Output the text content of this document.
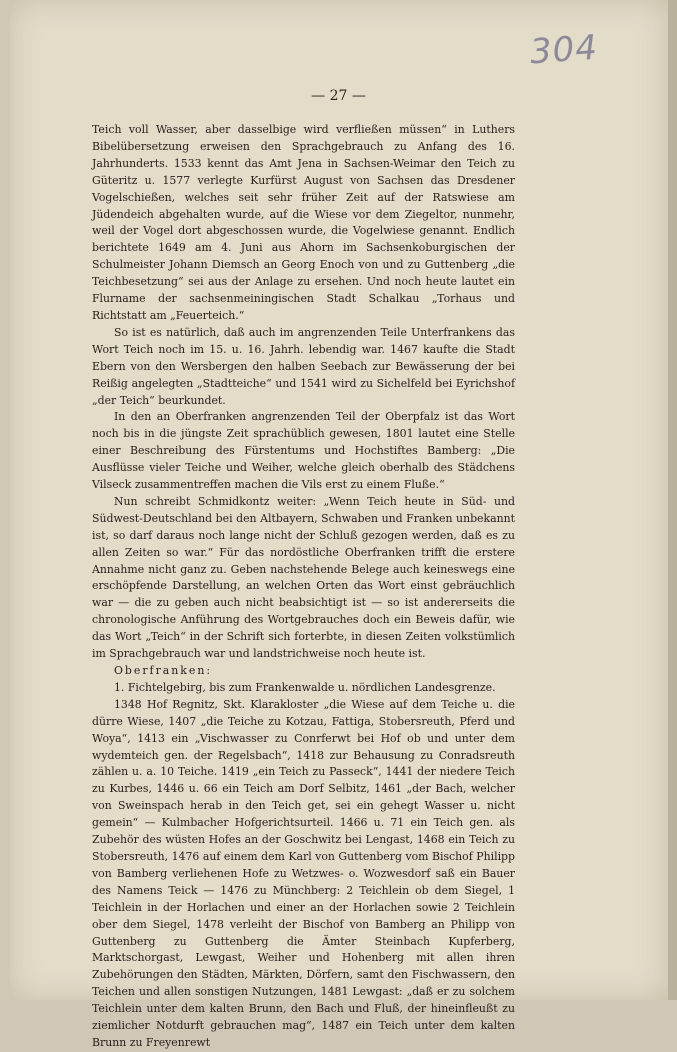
304
— 27 —

Teich voll Wasser, aber dasselbige wird verfließen müssen“ in Luthers Bibelübersetzung erweisen den Sprachgebrauch zu Anfang des 16. Jahrhunderts. 1533 kennt das Amt Jena in Sachsen-Weimar den Teich zu Güteritz u. 1577 verlegte Kurfürst August von Sachsen das Dresdener Vogelschießen, welches seit sehr früher Zeit auf der Ratswiese am Jüdendeich abgehalten wurde, auf die Wiese vor dem Ziegeltor, nunmehr, weil der Vogel dort abgeschossen wurde, die Vogelwiese genannt. Endlich berichtete 1649 am 4. Juni aus Ahorn im Sachsenkoburgischen der Schulmeister Johann Diemsch an Georg Enoch von und zu Guttenberg „die Teichbesetzung“ sei aus der Anlage zu ersehen. Und noch heute lautet ein Flurname der sachsenmeiningischen Stadt Schalkau „Torhaus und Richtstatt am „Feuerteich.“

So ist es natürlich, daß auch im angrenzenden Teile Unterfrankens das Wort Teich noch im 15. u. 16. Jahrh. lebendig war. 1467 kaufte die Stadt Ebern von den Wersbergen den halben Seebach zur Bewässerung der bei Reißig angelegten „Stadtteiche“ und 1541 wird zu Sichelfeld bei Eyrichshof „der Teich“ beurkundet.

In den an Oberfranken angrenzenden Teil der Oberpfalz ist das Wort noch bis in die jüngste Zeit sprachüblich gewesen, 1801 lautet eine Stelle einer Beschreibung des Fürstentums und Hochstiftes Bamberg: „Die Ausflüsse vieler Teiche und Weiher, welche gleich oberhalb des Städchens Vilseck zusammentreffen machen die Vils erst zu einem Fluße.“

Nun schreibt Schmidkontz weiter: „Wenn Teich heute in Süd- und Südwest-Deutschland bei den Altbayern, Schwaben und Franken unbekannt ist, so darf daraus noch lange nicht der Schluß gezogen werden, daß es zu allen Zeiten so war.“ Für das nordöstliche Oberfranken trifft die erstere Annahme nicht ganz zu. Geben nachstehende Belege auch keineswegs eine erschöpfende Darstellung, an welchen Orten das Wort einst gebräuchlich war — die zu geben auch nicht beabsichtigt ist — so ist andererseits die chronologische Anführung des Wortgebrauches doch ein Beweis dafür, wie das Wort „Teich“ in der Schrift sich forterbte, in diesen Zeiten volkstümlich im Sprachgebrauch war und landstrichweise noch heute ist.

Oberfranken:

1. Fichtelgebirg, bis zum Frankenwalde u. nördlichen Landesgrenze.

1348 Hof Regnitz, Skt. Klarakloster „die Wiese auf dem Teiche u. die dürre Wiese, 1407 „die Teiche zu Kotzau, Fattiga, Stobersreuth, Pferd und Woya“, 1413 ein „Vischwasser zu Conrferwt bei Hof ob und unter dem wydemteich gen. der Regelsbach“, 1418 zur Behausung zu Conradsreuth zählen u. a. 10 Teiche. 1419 „ein Teich zu Passeck“, 1441 der niedere Teich zu Kurbes, 1446 u. 66 ein Teich am Dorf Selbitz, 1461 „der Bach, welcher von Sweinspach herab in den Teich get, sei ein gehegt Wasser u. nicht gemein“ — Kulmbacher Hofgerichtsurteil. 1466 u. 71 ein Teich gen. als Zubehör des wüsten Hofes an der Goschwitz bei Lengast, 1468 ein Teich zu Stobersreuth, 1476 auf einem dem Karl von Guttenberg vom Bischof Philipp von Bamberg verliehenen Hofe zu Wetzwes- o. Wozwesdorf saß ein Bauer des Namens Teick — 1476 zu Münchberg: 2 Teichlein ob dem Siegel, 1 Teichlein in der Horlachen und einer an der Horlachen sowie 2 Teichlein ober dem Siegel, 1478 verleiht der Bischof von Bamberg an Philipp von Guttenberg zu Guttenberg die Ämter Steinbach Kupferberg, Marktschorgast, Lewgast, Weiher und Hohenberg mit allen ihren Zubehörungen den Städten, Märkten, Dörfern, samt den Fischwassern, den Teichen und allen sonstigen Nutzungen, 1481 Lewgast: „daß er zu solchem Teichlein unter dem kalten Brunn, den Bach und Fluß, der hineinfleußt zu ziemlicher Notdurft gebrauchen mag“, 1487 ein Teich unter dem kalten Brunn zu Freyenrewt
